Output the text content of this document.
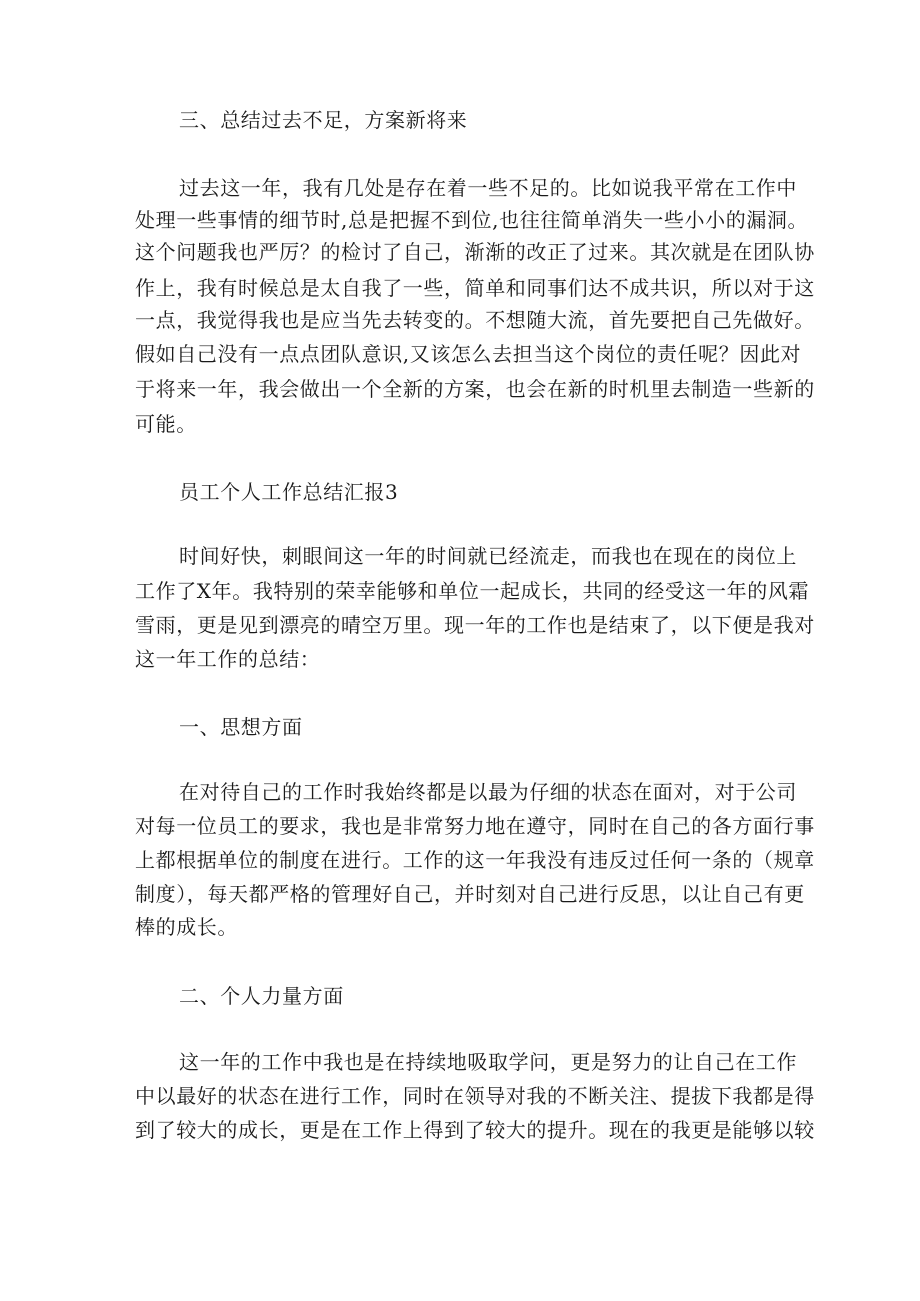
三、总结过去不足，方案新将来
过去这一年，我有几处是存在着一些不足的。比如说我平常在工作中
处理一些事情的细节时,总是把握不到位,也往往简单消失一些小小的漏洞。
这个问题我也严厉？的检讨了自己，渐渐的改正了过来。其次就是在团队协
作上，我有时候总是太自我了一些，简单和同事们达不成共识，所以对于这
一点，我觉得我也是应当先去转变的。不想随大流，首先要把自己先做好。
假如自己没有一点点团队意识,又该怎么去担当这个岗位的责任呢？因此对
于将来一年，我会做出一个全新的方案，也会在新的时机里去制造一些新的
可能。
员工个人工作总结汇报3
时间好快，刺眼间这一年的时间就已经流走，而我也在现在的岗位上
工作了X年。我特别的荣幸能够和单位一起成长，共同的经受这一年的风霜
雪雨，更是见到漂亮的晴空万里。现一年的工作也是结束了，以下便是我对
这一年工作的总结：
一、思想方面
在对待自己的工作时我始终都是以最为仔细的状态在面对，对于公司
对每一位员工的要求，我也是非常努力地在遵守，同时在自己的各方面行事
上都根据单位的制度在进行。工作的这一年我没有违反过任何一条的（规章
制度），每天都严格的管理好自己，并时刻对自己进行反思，以让自己有更
棒的成长。
二、个人力量方面
这一年的工作中我也是在持续地吸取学问，更是努力的让自己在工作
中以最好的状态在进行工作，同时在领导对我的不断关注、提拔下我都是得
到了较大的成长，更是在工作上得到了较大的提升。现在的我更是能够以较
